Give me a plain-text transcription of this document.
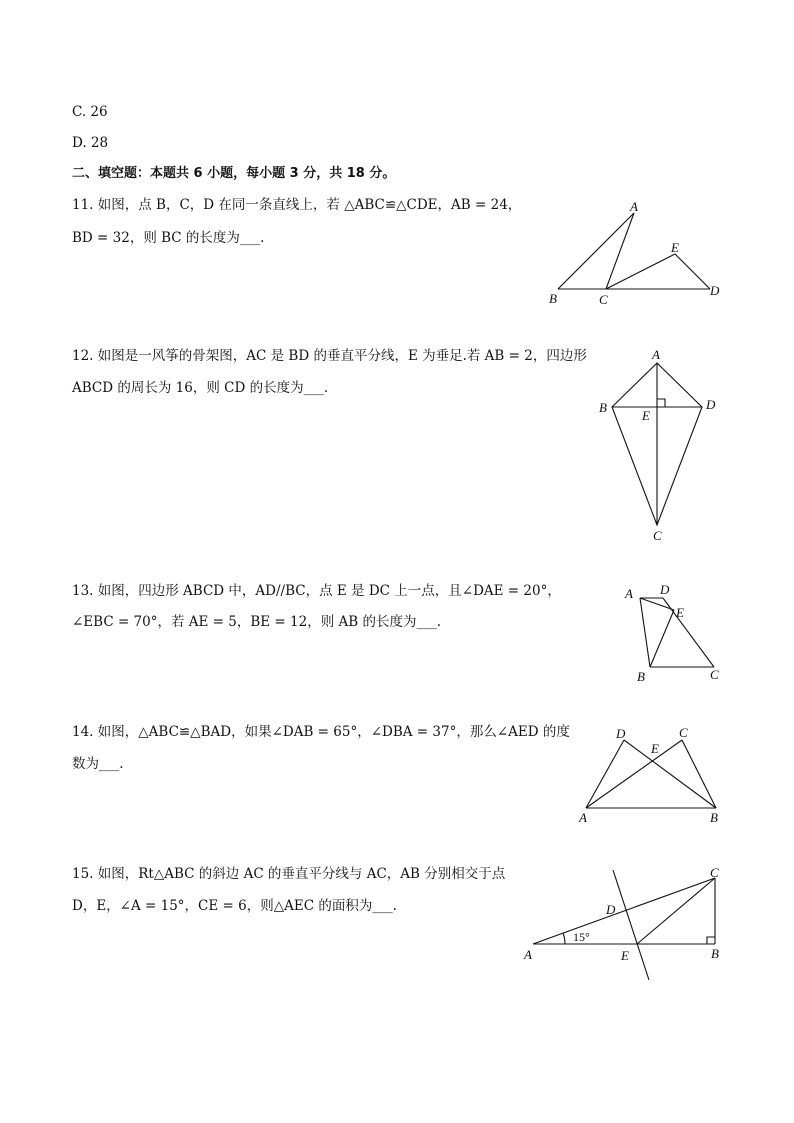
C. 26
D. 28
二、填空题：本题共 6 小题，每小题 3 分，共 18 分。
11. 如图，点 B，C，D 在同一条直线上，若 △ABC≌△CDE，AB = 24，
BD = 32，则 BC 的长度为___.
A
B	C
D
E
12. 如图是一风筝的骨架图，AC 是 BD 的垂直平分线，E 为垂足.若 AB = 2，四边形
ABCD 的周长为 16，则 CD 的长度为___.
A
B	D
E
C
13. 如图，四边形 ABCD 中，AD//BC，点 E 是 DC 上一点，且∠DAE = 20°，
∠EBC = 70°，若 AE = 5，BE = 12，则 AB 的长度为___.
A D
E
B	C
14. 如图，△ABC≌△BAD，如果∠DAB = 65°，∠DBA = 37°，那么∠AED 的度
数为___.
D	C
E
A	B
15. 如图，Rt△ABC 的斜边 AC 的垂直平分线与 AC，AB 分别相交于点
D，E，∠A = 15°，CE = 6，则△AEC 的面积为___.
A	B
C
D
E
15°
